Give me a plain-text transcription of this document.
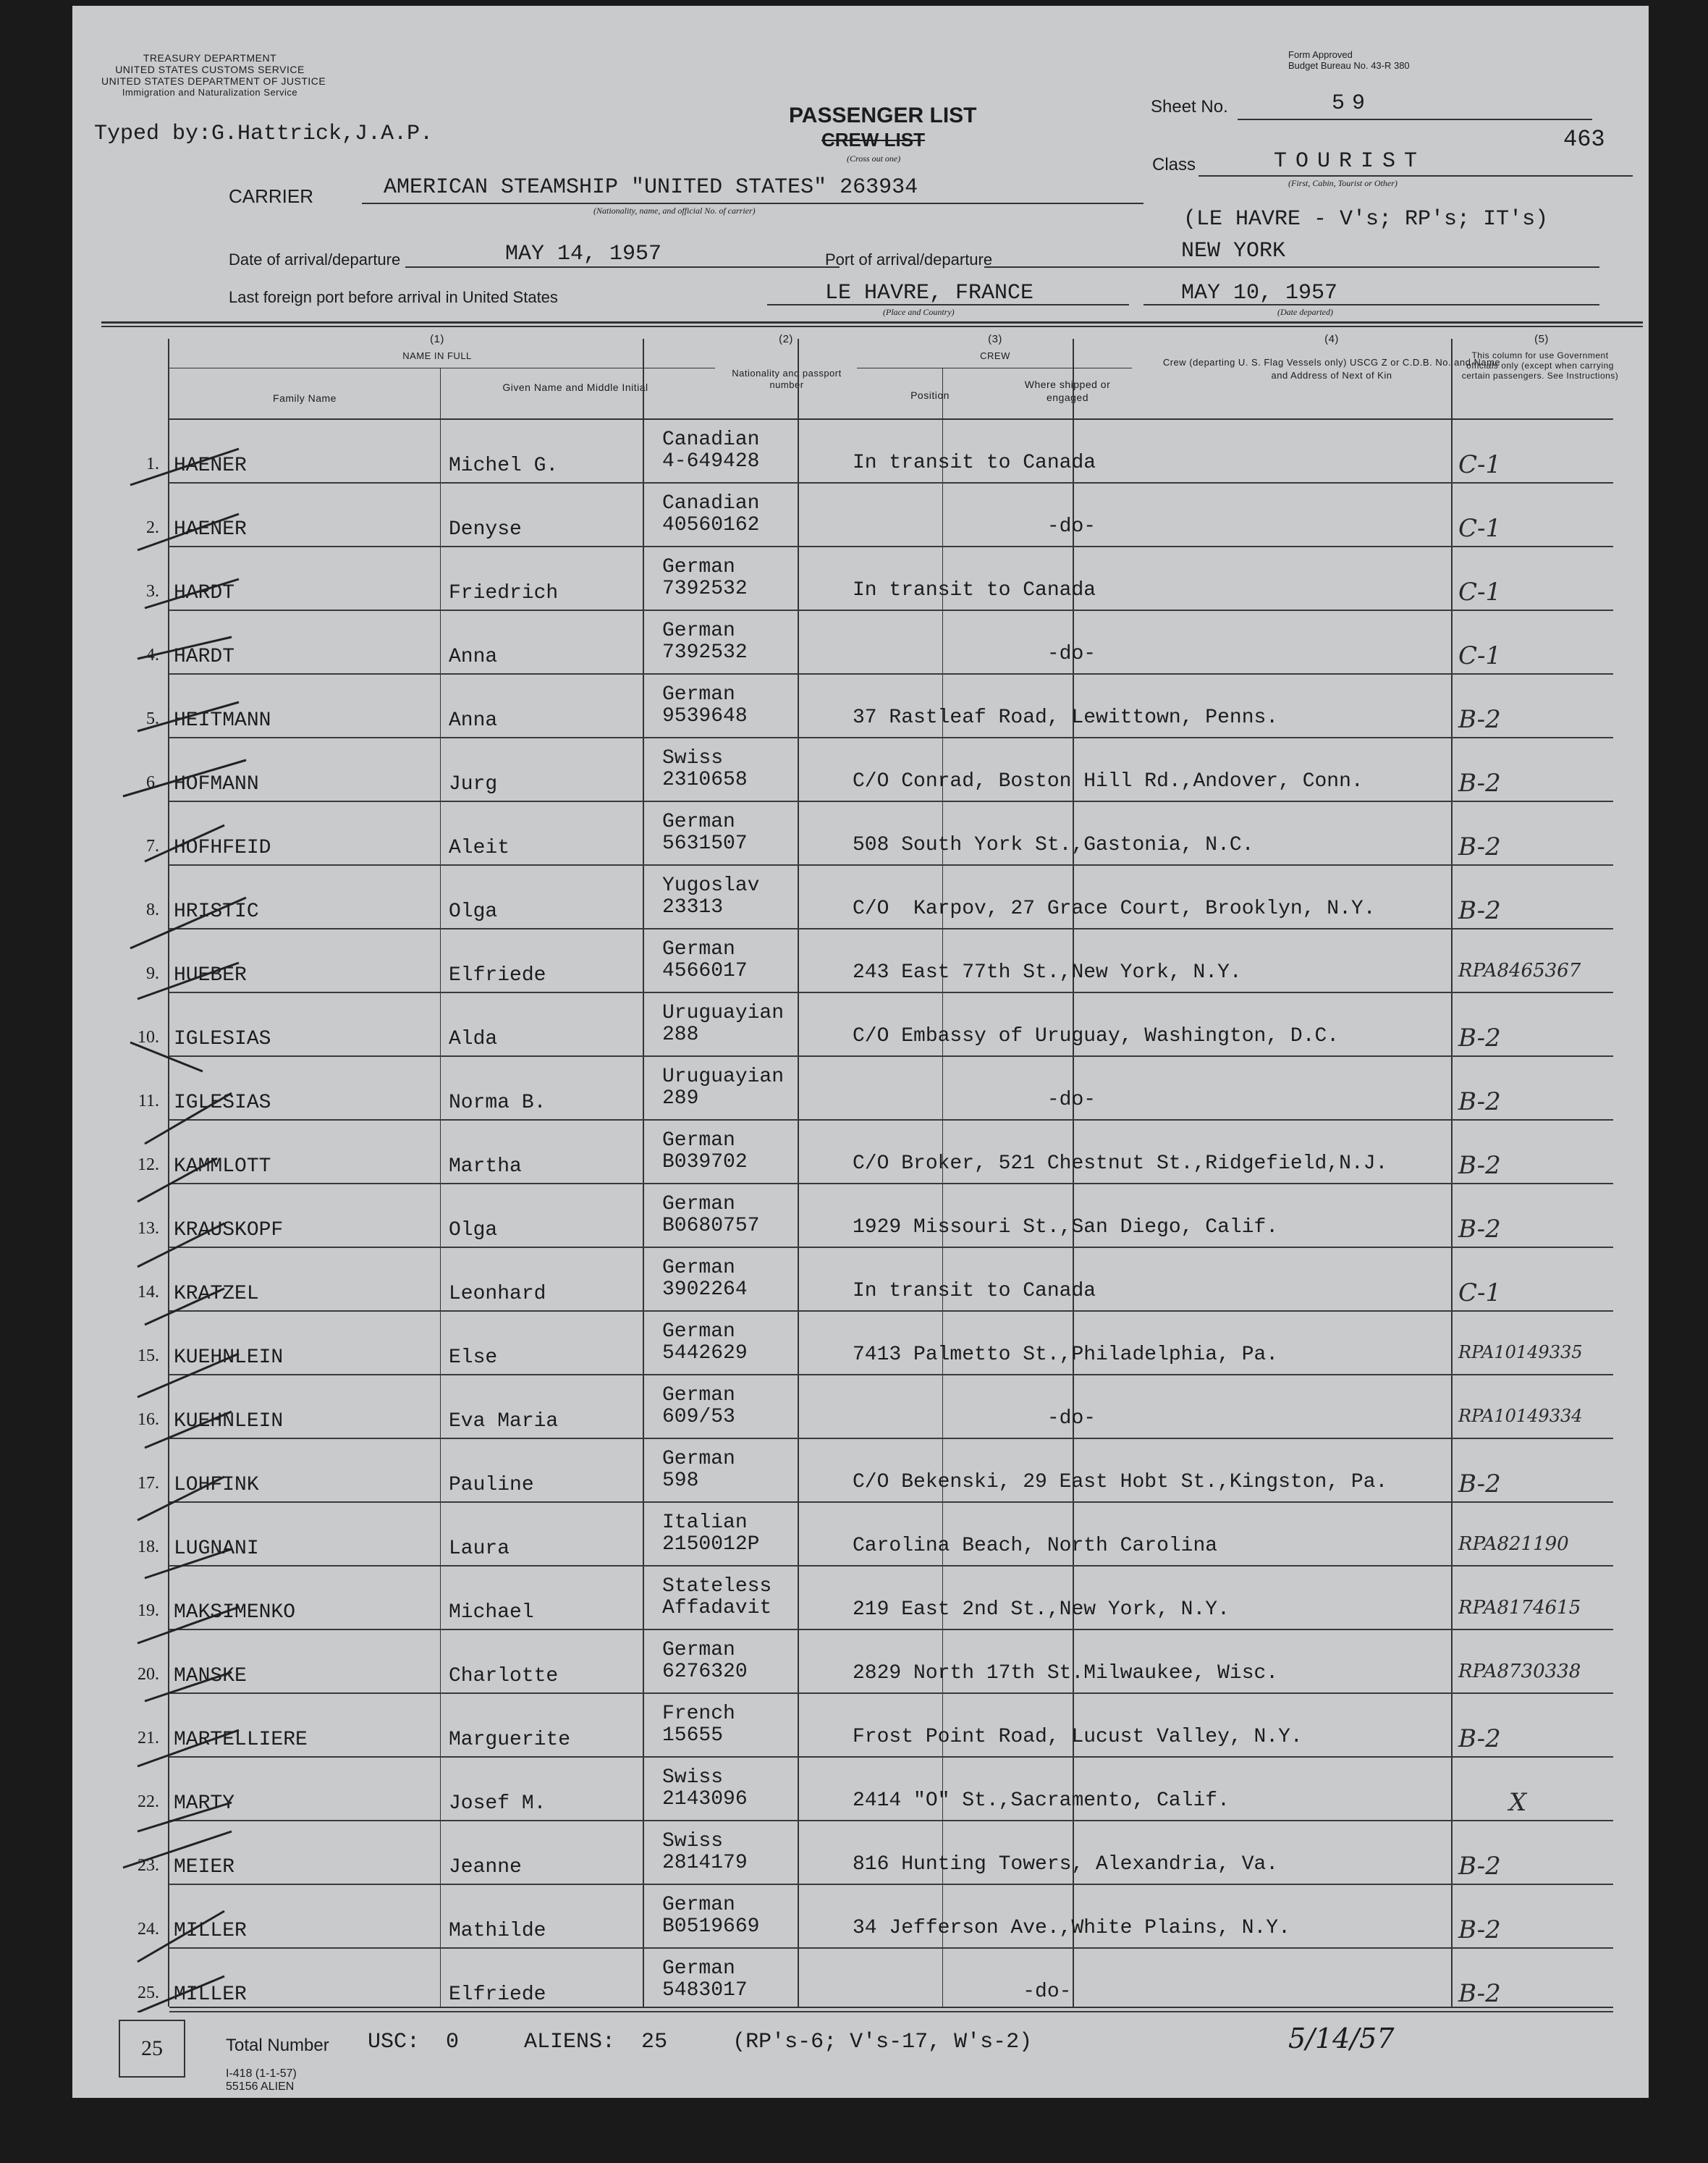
TREASURY DEPARTMENT
UNITED STATES CUSTOMS SERVICE
UNITED STATES DEPARTMENT OF JUSTICE
Immigration and Naturalization Service
Typed by:G.Hattrick,J.A.P.
Form Approved
Budget Bureau No. 43-R 380
PASSENGER LIST
CREW LIST
(Cross out one)
Sheet No.	59
463
Class	TOURIST
(First, Cabin, Tourist or Other)
CARRIER	AMERICAN STEAMSHIP "UNITED STATES" 263934
(Nationality, name, and official No. of carrier)	(LE HAVRE - V's; RP's; IT's)
Date of arrival/departure	MAY 14, 1957	Port of arrival/departure	NEW YORK
Last foreign port before arrival in United States	LE HAVRE, FRANCE
(Place and Country)
MAY 10, 1957
(Date departed)
(1)
NAME IN FULL
Family Name
Given Name and Middle Initial
(2)
Nationality and passport number
(3)
CREW
Position
Where shipped or engaged
(4)
Crew (departing U. S. Flag Vessels only) USCG Z or C.D.B. No. and Name and Address of Next of Kin
(5)
This column for use Government officials only (except when carrying certain passengers. See Instructions)
1. HAENER	Michel G.
Canadian
4-649428	In transit to Canada	C-1
2. HAENER	Denyse
Canadian
40560162	-do-	C-1
3. HARDT	Friedrich
German
7392532	In transit to Canada	C-1
4. HARDT	Anna
German
7392532	-do-	C-1
5. HEITMANN	Anna
German
9539648	37 Rastleaf Road, Lewittown, Penns.	B-2
6. HOFMANN	Jurg
Swiss
2310658	C/O Conrad, Boston Hill Rd.,Andover, Conn.	B-2
7. HOFHFEID	Aleit
German
5631507	508 South York St.,Gastonia, N.C.	B-2
8. HRISTIC	Olga
Yugoslav
23313	C/O  Karpov, 27 Grace Court, Brooklyn, N.Y.	B-2
9. HUEBER	Elfriede
German
4566017	243 East 77th St.,New York, N.Y.	RPA8465367
10. IGLESIAS	Alda
Uruguayian
288	C/O Embassy of Uruguay, Washington, D.C.	B-2
11. IGLESIAS	Norma B.
Uruguayian
289	-do-	B-2
12. KAMMLOTT	Martha
German
B039702	C/O Broker, 521 Chestnut St.,Ridgefield,N.J.	B-2
13. KRAUSKOPF	Olga
German
B0680757	1929 Missouri St.,San Diego, Calif.	B-2
14. KRATZEL	Leonhard
German
3902264	In transit to Canada	C-1
15. KUEHNLEIN	Else
German
5442629	7413 Palmetto St.,Philadelphia, Pa.	RPA10149335
16. KUEHNLEIN	Eva Maria
German
609/53	-do-	RPA10149334
17. LOHFINK	Pauline
German
598	C/O Bekenski, 29 East Hobt St.,Kingston, Pa.	B-2
18. LUGNANI	Laura
Italian
2150012P	Carolina Beach, North Carolina	RPA821190
19. MAKSIMENKO	Michael
Stateless
Affadavit	219 East 2nd St.,New York, N.Y.	RPA8174615
20. MANSKE	Charlotte
German
6276320	2829 North 17th St.Milwaukee, Wisc.	RPA8730338
21. MARTELLIERE	Marguerite
French
15655	Frost Point Road, Lucust Valley, N.Y.	B-2
22. MARTY	Josef M.
Swiss
2143096	2414 "O" St.,Sacramento, Calif.	X
23. MEIER	Jeanne
Swiss
2814179	816 Hunting Towers, Alexandria, Va.	B-2
24. MILLER	Mathilde
German
B0519669	34 Jefferson Ave.,White Plains, N.Y.	B-2
25. MILLER	Elfriede
German
5483017	-do-	B-2
25	Total Number USC:  0     ALIENS:  25     (RP's-6; V's-17, W's-2)	5/14/57
I-418 (1-1-57)
55156 ALIEN
